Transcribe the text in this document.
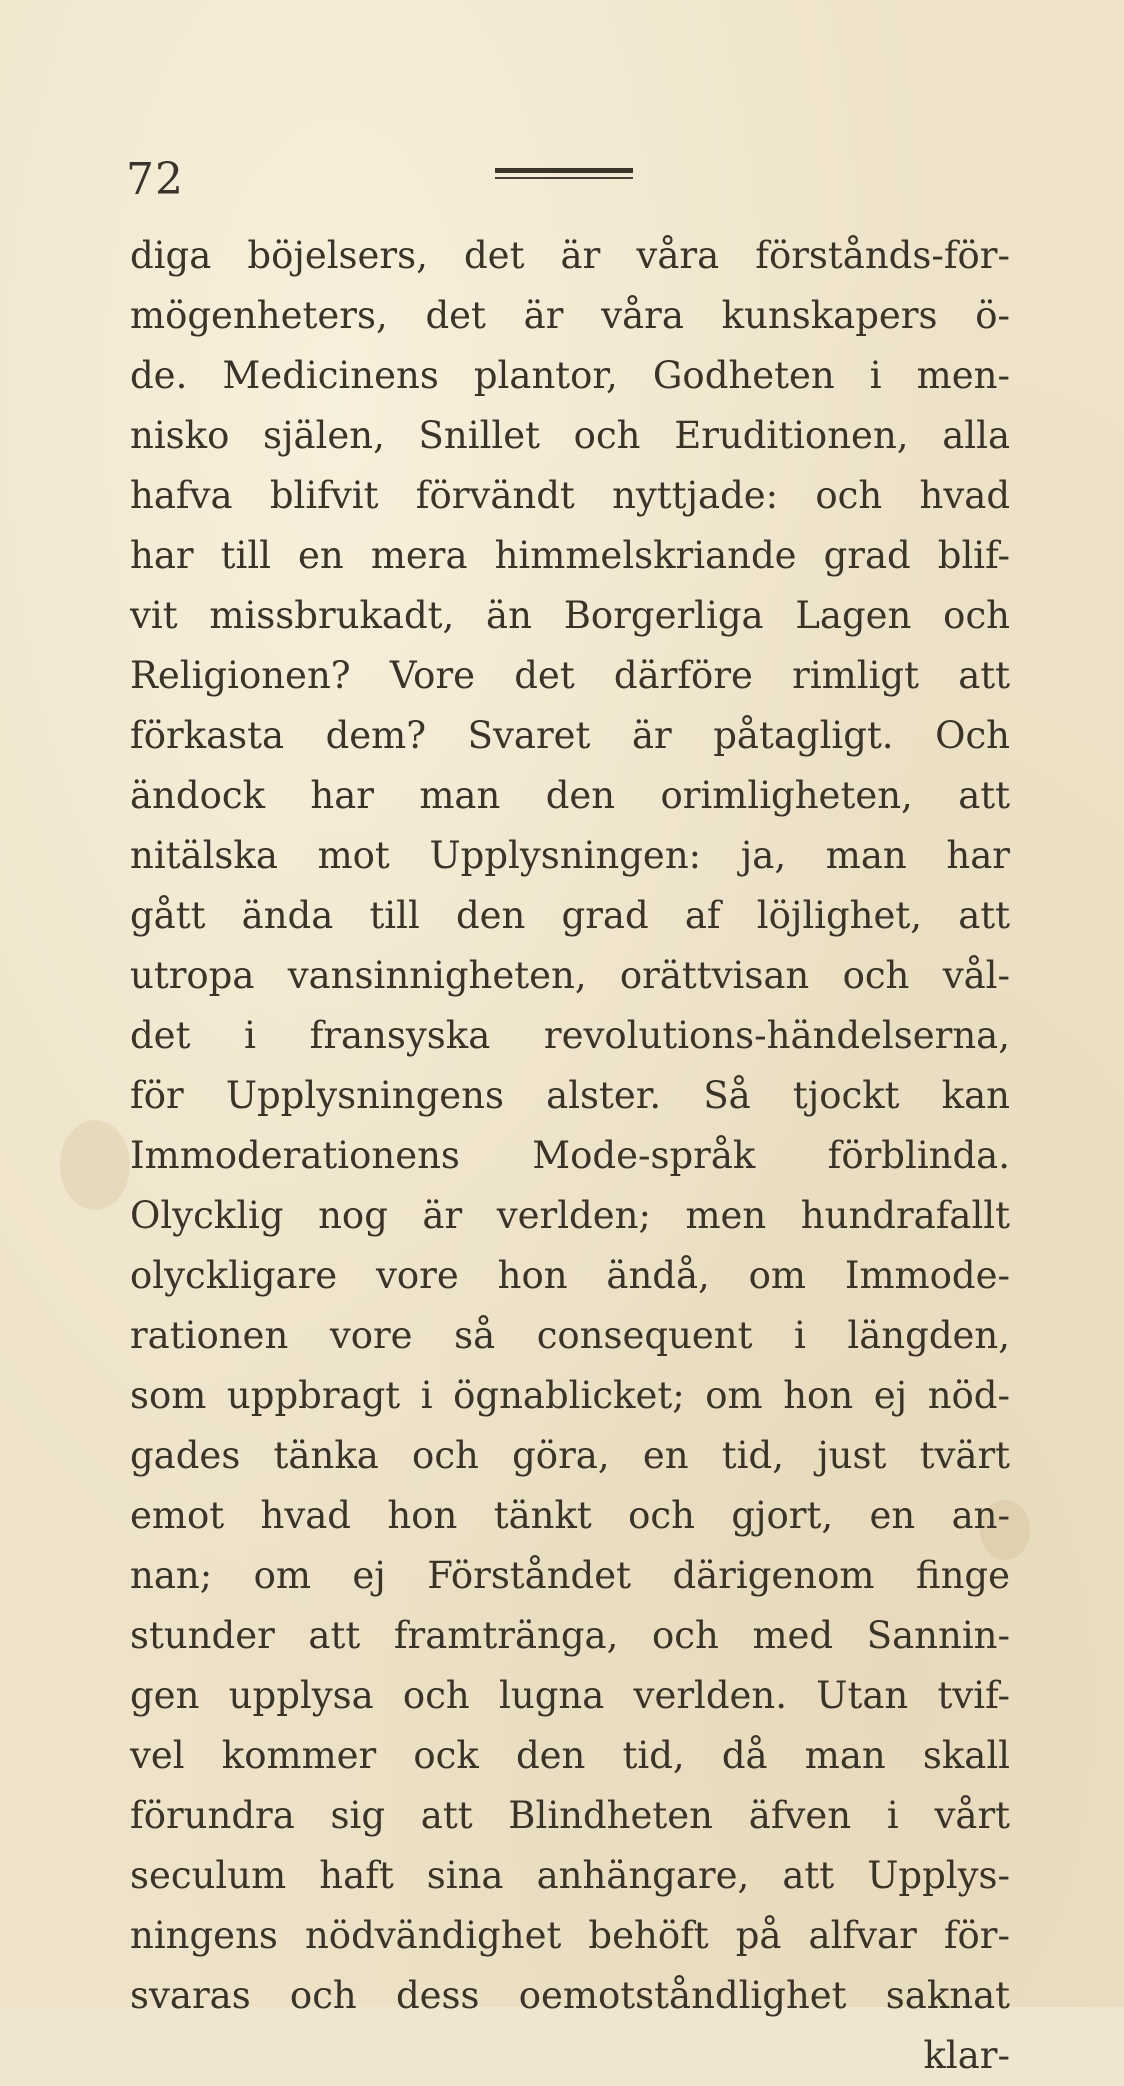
72
diga böjelsers, det är våra förstånds-för-
mögenheters, det är våra kunskapers ö-
de. Medicinens plantor, Godheten i men-
nisko själen, Snillet och Eruditionen, alla
hafva blifvit förvändt nyttjade: och hvad
har till en mera himmelskriande grad blif-
vit missbrukadt, än Borgerliga Lagen och
Religionen? Vore det därföre rimligt att
förkasta dem? Svaret är påtagligt. Och
ändock har man den orimligheten, att
nitälska mot Upplysningen: ja, man har
gått ända till den grad af löjlighet, att
utropa vansinnigheten, orättvisan och vål-
det i fransyska revolutions-händelserna,
för Upplysningens alster. Så tjockt kan
Immoderationens Mode-språk förblinda.
Olycklig nog är verlden; men hundrafallt
olyckligare vore hon ändå, om Immode-
rationen vore så consequent i längden,
som uppbragt i ögnablicket; om hon ej nöd-
gades tänka och göra, en tid, just tvärt
emot hvad hon tänkt och gjort, en an-
nan; om ej Förståndet därigenom finge
stunder att framtränga, och med Sannin-
gen upplysa och lugna verlden. Utan tvif-
vel kommer ock den tid, då man skall
förundra sig att Blindheten äfven i vårt
seculum haft sina anhängare, att Upplys-
ningens nödvändighet behöft på alfvar för-
svaras och dess oemotståndlighet saknat
klar-
